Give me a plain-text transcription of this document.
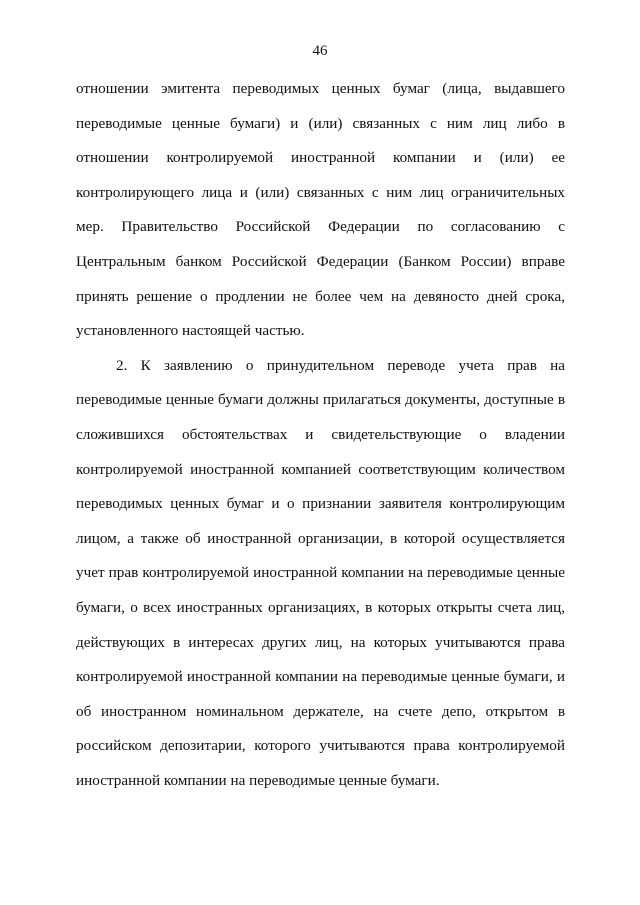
46
отношении эмитента переводимых ценных бумаг (лица, выдавшего
переводимые ценные бумаги) и (или) связанных с ним лиц либо в
отношении контролируемой иностранной компании и (или) ее
контролирующего лица и (или) связанных с ним лиц ограничительных
мер. Правительство Российской Федерации по согласованию с
Центральным банком Российской Федерации (Банком России) вправе
принять решение о продлении не более чем на девяносто дней срока,
установленного настоящей частью.
2. К заявлению о принудительном переводе учета прав на
переводимые ценные бумаги должны прилагаться документы, доступные в
сложившихся обстоятельствах и свидетельствующие о владении
контролируемой иностранной компанией соответствующим количеством
переводимых ценных бумаг и о признании заявителя контролирующим
лицом, а также об иностранной организации, в которой осуществляется
учет прав контролируемой иностранной компании на переводимые ценные
бумаги, о всех иностранных организациях, в которых открыты счета лиц,
действующих в интересах других лиц, на которых учитываются права
контролируемой иностранной компании на переводимые ценные бумаги, и
об иностранном номинальном держателе, на счете депо, открытом в
российском депозитарии, которого учитываются права контролируемой
иностранной компании на переводимые ценные бумаги.
